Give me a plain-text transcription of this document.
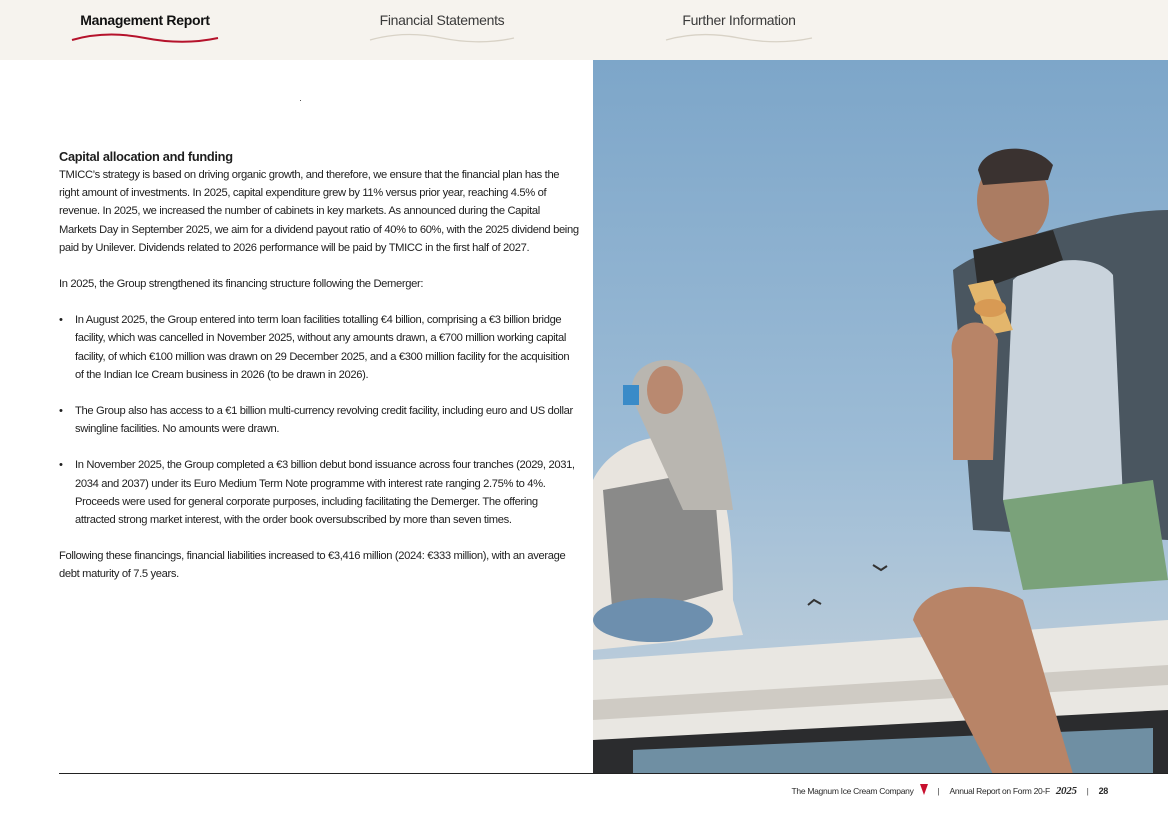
Management Report	Financial Statements	Further Information
Capital allocation and funding

TMICC’s strategy is based on driving organic growth, and therefore, we ensure that the financial plan has the right amount of investments. In 2025, capital expenditure grew by 11% versus prior year, reaching 4.5% of revenue. In 2025, we increased the number of cabinets in key markets. As announced during the Capital Markets Day in September 2025, we aim for a dividend payout ratio of 40% to 60%, with the 2025 dividend being paid by Unilever. Dividends related to 2026 performance will be paid by TMICC in the first half of 2027.

In 2025, the Group strengthened its financing structure following the Demerger:

• In August 2025, the Group entered into term loan facilities totalling €4 billion, comprising a €3 billion bridge facility, which was cancelled in November 2025, without any amounts drawn, a €700 million working capital facility, of which €100 million was drawn on 29 December 2025, and a €300 million facility for the acquisition of the Indian Ice Cream business in 2026 (to be drawn in 2026).
• The Group also has access to a €1 billion multi-currency revolving credit facility, including euro and US dollar swingline facilities. No amounts were drawn.
• In November 2025, the Group completed a €3 billion debut bond issuance across four tranches (2029, 2031, 2034 and 2037) under its Euro Medium Term Note programme with interest rate ranging 2.75% to 4%. Proceeds were used for general corporate purposes, including facilitating the Demerger. The offering attracted strong market interest, with the order book oversubscribed by more than seven times.

Following these financings, financial liabilities increased to €3,416 million (2024: €333 million), with an average debt maturity of 7.5 years.

The Magnum Ice Cream Company	| Annual Report on Form 20-F 2025 | 28
